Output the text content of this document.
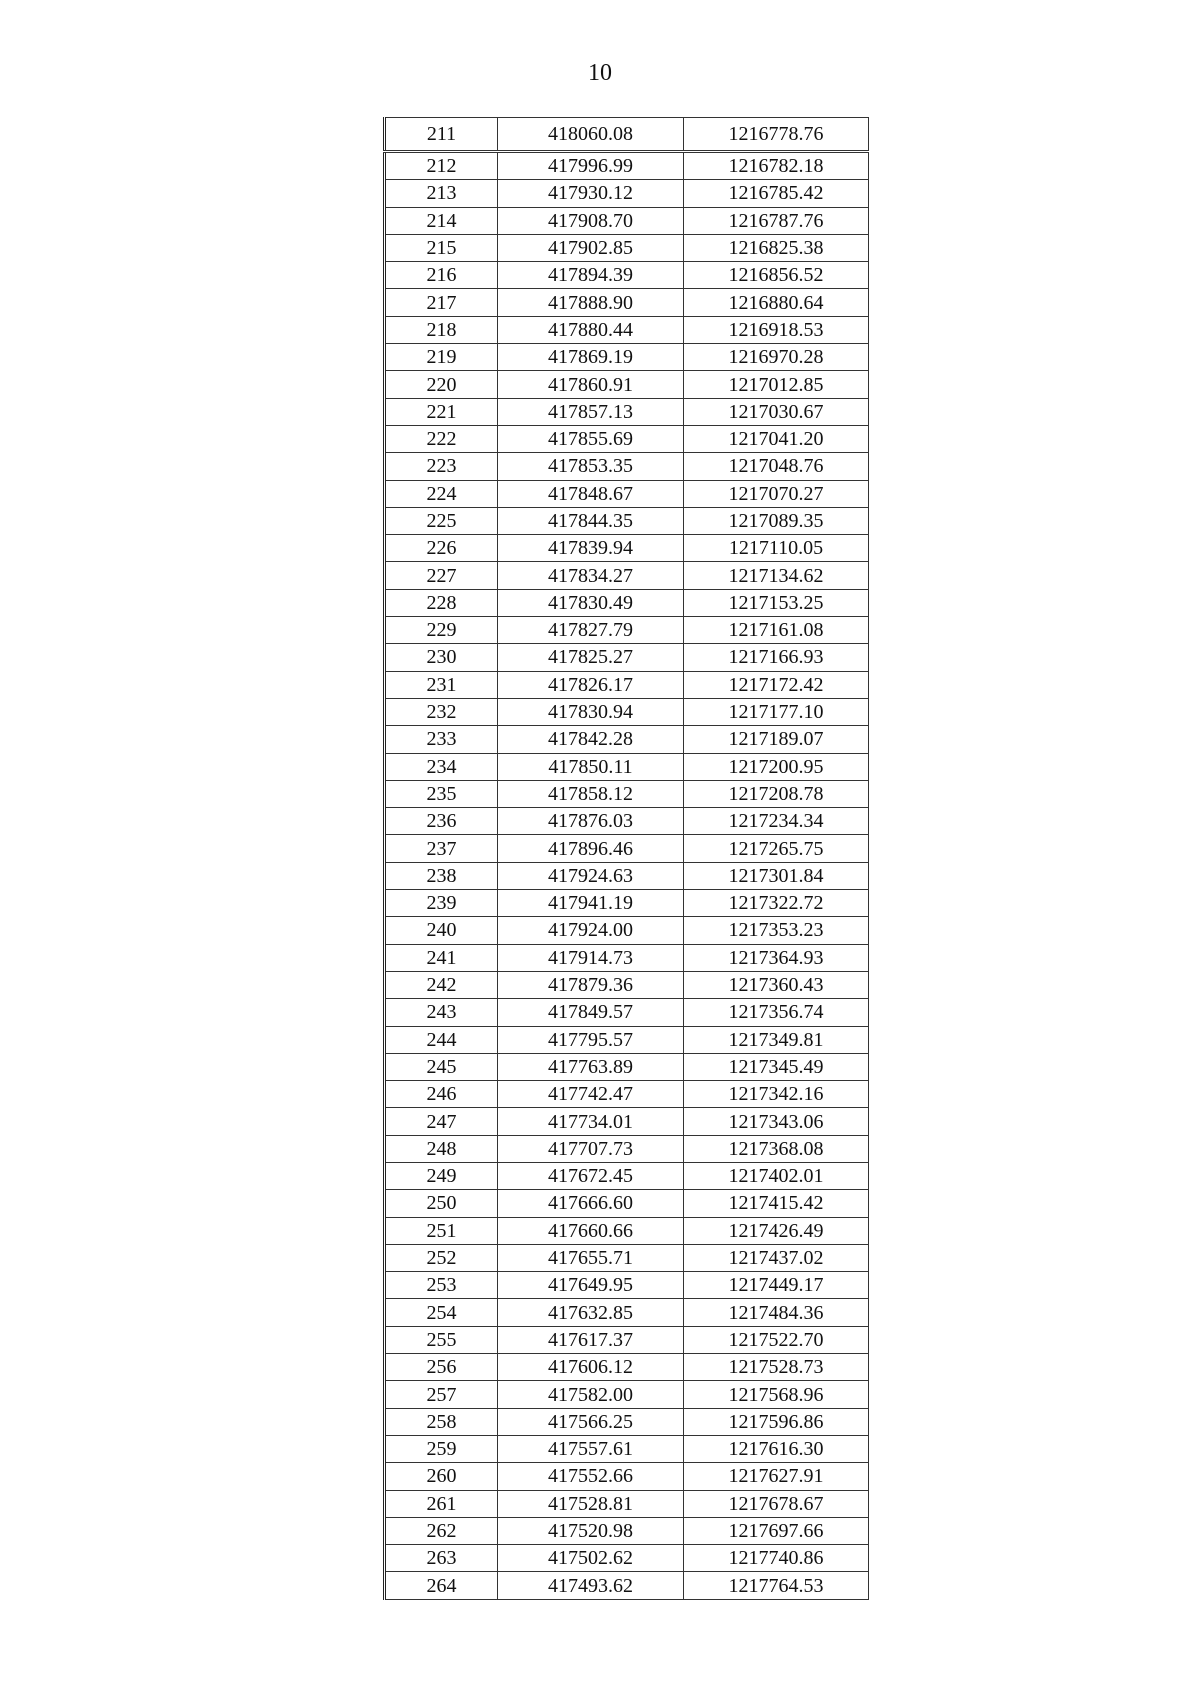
10
211	418060.08	1216778.76
212	417996.99	1216782.18
213	417930.12	1216785.42
214	417908.70	1216787.76
215	417902.85	1216825.38
216	417894.39	1216856.52
217	417888.90	1216880.64
218	417880.44	1216918.53
219	417869.19	1216970.28
220	417860.91	1217012.85
221	417857.13	1217030.67
222	417855.69	1217041.20
223	417853.35	1217048.76
224	417848.67	1217070.27
225	417844.35	1217089.35
226	417839.94	1217110.05
227	417834.27	1217134.62
228	417830.49	1217153.25
229	417827.79	1217161.08
230	417825.27	1217166.93
231	417826.17	1217172.42
232	417830.94	1217177.10
233	417842.28	1217189.07
234	417850.11	1217200.95
235	417858.12	1217208.78
236	417876.03	1217234.34
237	417896.46	1217265.75
238	417924.63	1217301.84
239	417941.19	1217322.72
240	417924.00	1217353.23
241	417914.73	1217364.93
242	417879.36	1217360.43
243	417849.57	1217356.74
244	417795.57	1217349.81
245	417763.89	1217345.49
246	417742.47	1217342.16
247	417734.01	1217343.06
248	417707.73	1217368.08
249	417672.45	1217402.01
250	417666.60	1217415.42
251	417660.66	1217426.49
252	417655.71	1217437.02
253	417649.95	1217449.17
254	417632.85	1217484.36
255	417617.37	1217522.70
256	417606.12	1217528.73
257	417582.00	1217568.96
258	417566.25	1217596.86
259	417557.61	1217616.30
260	417552.66	1217627.91
261	417528.81	1217678.67
262	417520.98	1217697.66
263	417502.62	1217740.86
264	417493.62	1217764.53
